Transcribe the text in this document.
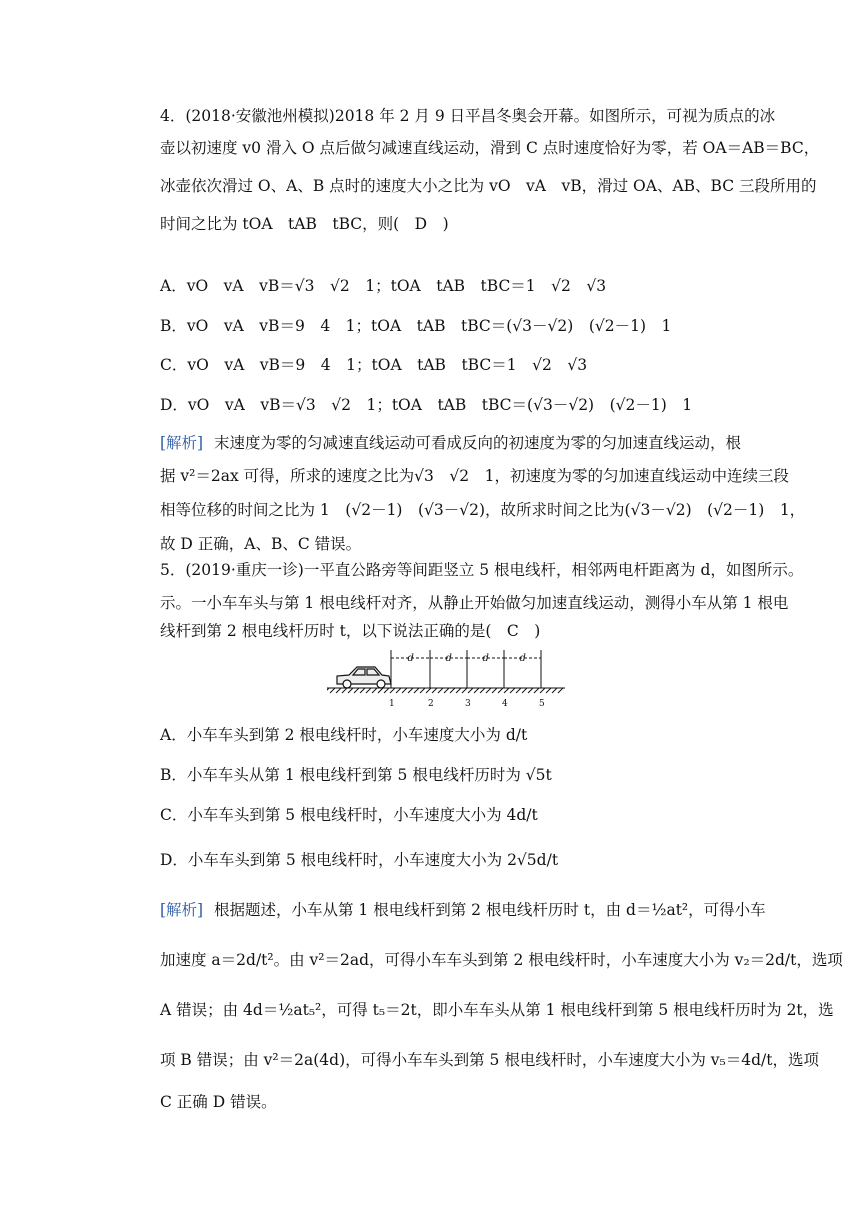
4．(2018·安徽池州模拟)2018 年 2 月 9 日平昌冬奥会开幕。如图所示，可视为质点的冰
壶以初速度 v0 滑入 O 点后做匀减速直线运动，滑到 C 点时速度恰好为零，若 OA＝AB＝BC，
冰壶依次滑过 O、A、B 点时的速度大小之比为 vO　vA　vB，滑过 OA、AB、BC 三段所用的
时间之比为 tOA　tAB　tBC，则(　D　)
A．vO　vA　vB＝√3　√2　1；tOA　tAB　tBC＝1　√2　√3
B．vO　vA　vB＝9　4　1；tOA　tAB　tBC＝(√3－√2)　(√2－1)　1
C．vO　vA　vB＝9　4　1；tOA　tAB　tBC＝1　√2　√3
D．vO　vA　vB＝√3　√2　1；tOA　tAB　tBC＝(√3－√2)　(√2－1)　1
[解析] 末速度为零的匀减速直线运动可看成反向的初速度为零的匀加速直线运动，根
据 v²＝2ax 可得，所求的速度之比为√3　√2　1，初速度为零的匀加速直线运动中连续三段
相等位移的时间之比为 1　(√2－1)　(√3－√2)，故所求时间之比为(√3－√2)　(√2－1)　1，
故 D 正确，A、B、C 错误。
5．(2019·重庆一诊)一平直公路旁等间距竖立 5 根电线杆，相邻两电杆距离为 d，如图所示。
示。一小车车头与第 1 根电线杆对齐，从静止开始做匀加速直线运动，测得小车从第 1 根电
线杆到第 2 根电线杆历时 t，以下说法正确的是(　C　)
d	d	d	d
1	2	3	4	5
A．小车车头到第 2 根电线杆时，小车速度大小为 d/t
B．小车车头从第 1 根电线杆到第 5 根电线杆历时为 √5t
C．小车车头到第 5 根电线杆时，小车速度大小为 4d/t
D．小车车头到第 5 根电线杆时，小车速度大小为 2√5d/t
[解析] 根据题述，小车从第 1 根电线杆到第 2 根电线杆历时 t，由 d＝½at²，可得小车
加速度 a＝2d/t²。由 v²＝2ad，可得小车车头到第 2 根电线杆时，小车速度大小为 v₂＝2d/t，选项
A 错误；由 4d＝½at₅²，可得 t₅＝2t，即小车车头从第 1 根电线杆到第 5 根电线杆历时为 2t，选
项 B 错误；由 v²＝2a(4d)，可得小车车头到第 5 根电线杆时，小车速度大小为 v₅＝4d/t，选项
C 正确 D 错误。
